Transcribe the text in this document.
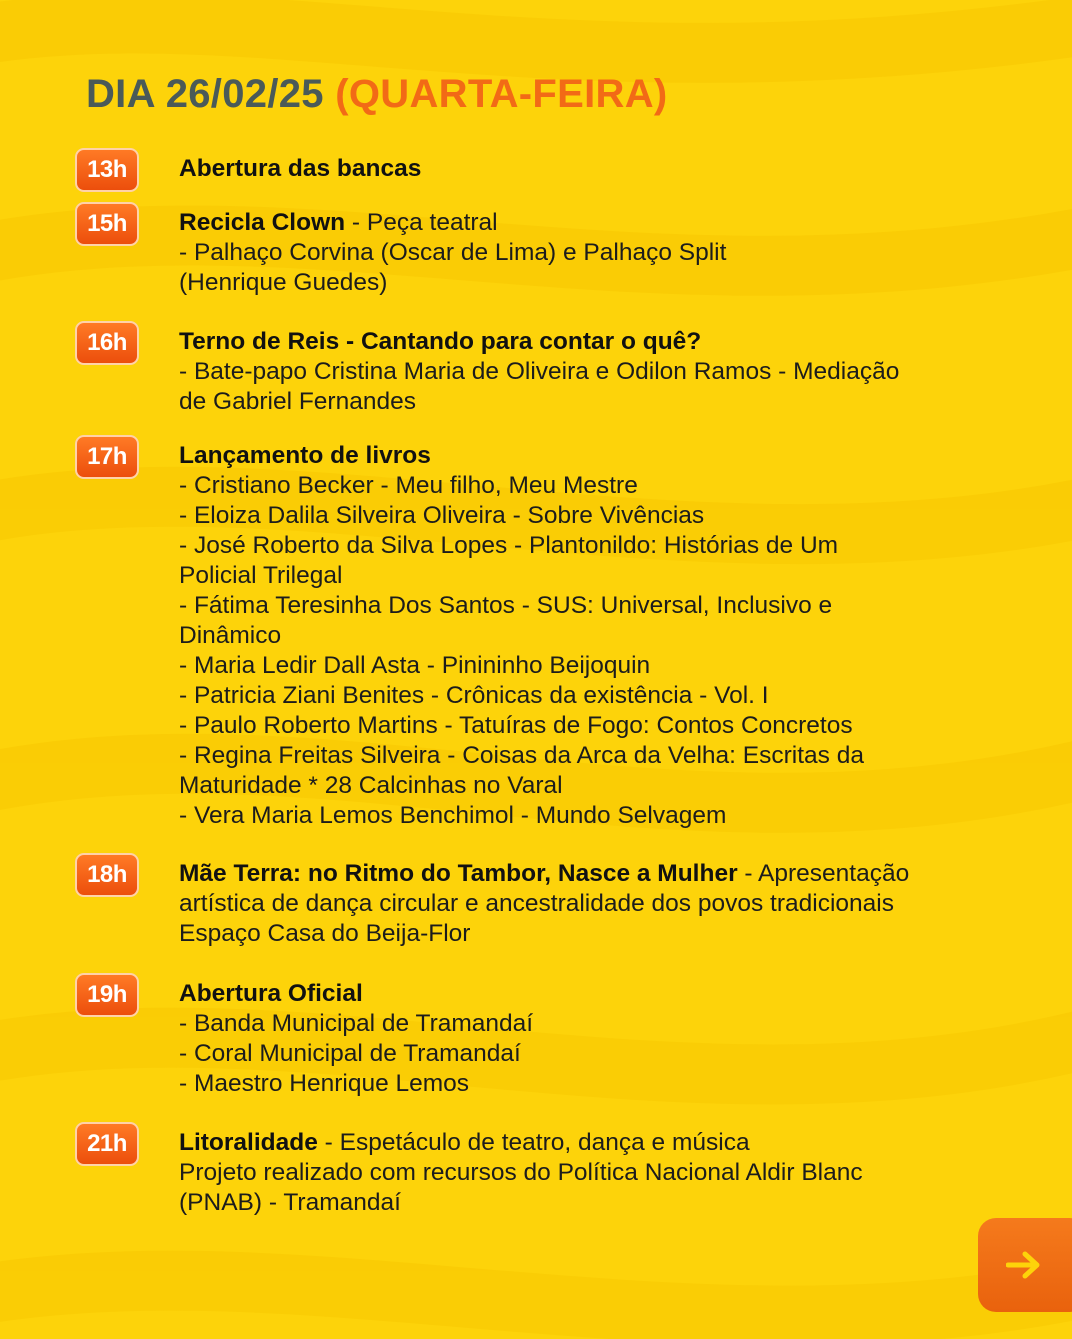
DIA 26/02/25 (QUARTA-FEIRA)
13h	Abertura das bancas
15h	Recicla Clown - Peça teatral
- Palhaço Corvina (Oscar de Lima) e Palhaço Split
(Henrique Guedes)
16h	Terno de Reis - Cantando para contar o quê?
- Bate-papo Cristina Maria de Oliveira e Odilon Ramos - Mediação
de Gabriel Fernandes
17h	Lançamento de livros
- Cristiano Becker - Meu filho, Meu Mestre
- Eloiza Dalila Silveira Oliveira - Sobre Vivências
- José Roberto da Silva Lopes - Plantonildo: Histórias de Um
Policial Trilegal
- Fátima Teresinha Dos Santos - SUS: Universal, Inclusivo e
Dinâmico
- Maria Ledir Dall Asta - Pinininho Beijoquin
- Patricia Ziani Benites - Crônicas da existência - Vol. I
- Paulo Roberto Martins - Tatuíras de Fogo: Contos Concretos
- Regina Freitas Silveira - Coisas da Arca da Velha: Escritas da
Maturidade * 28 Calcinhas no Varal
- Vera Maria Lemos Benchimol - Mundo Selvagem
18h	Mãe Terra: no Ritmo do Tambor, Nasce a Mulher - Apresentação
artística de dança circular e ancestralidade dos povos tradicionais
Espaço Casa do Beija-Flor
19h	Abertura Oficial
- Banda Municipal de Tramandaí
- Coral Municipal de Tramandaí
- Maestro Henrique Lemos
21h	Litoralidade - Espetáculo de teatro, dança e música
Projeto realizado com recursos do Política Nacional Aldir Blanc
(PNAB) - Tramandaí
